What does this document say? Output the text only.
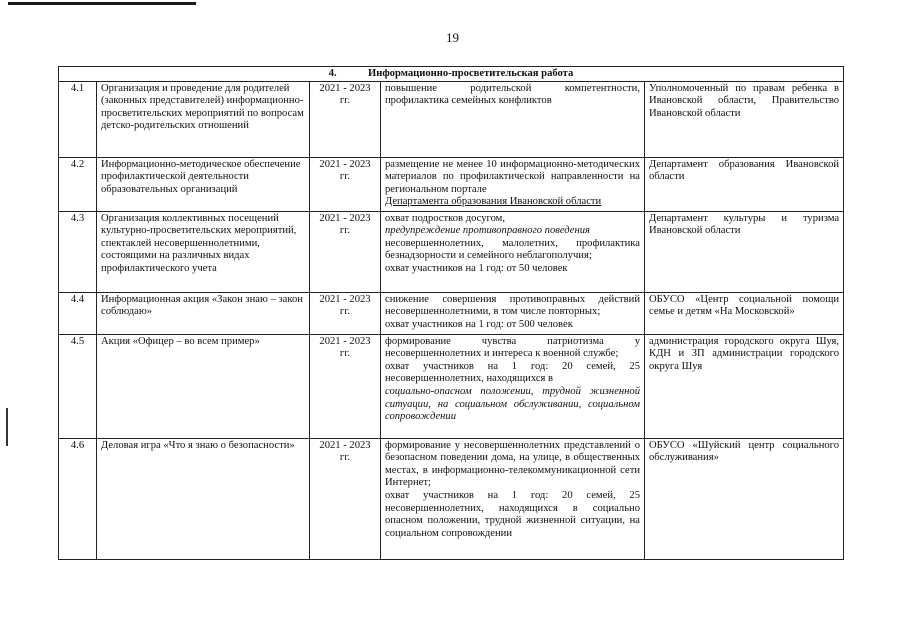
19
4. Информационно-просветительская работа				
4.1	Организация и проведение для родителей (законных представителей) информационно-просветительских мероприятий по вопросам детско-родительских отношений	2021 - 2023 гг.	повышение родительской компетентности, профилактика семейных конфликтов	Уполномоченный по правам ребенка в Ивановской области, Правительство Ивановской области
4.2	Информационно-методическое обеспечение профилактической деятельности образовательных организаций	2021 - 2023 гг.	размещение не менее 10 информационно-методических материалов по профилактической направленности на региональном портале
Департамента образования Ивановской области	Департамент образования Ивановской области
4.3	Организация коллективных посещений культурно-просветительских мероприятий, спектаклей несовершеннолетними, состоящими на различных видах профилактического учета	2021 - 2023 гг.	охват подростков досугом,
предупреждение противоправного поведения
несовершеннолетних, малолетних, профилактика безнадзорности и семейного неблагополучия;
охват участников на 1 год: от 50 человек	Департамент культуры и туризма Ивановской области
4.4	Информационная акция «Закон знаю – закон соблюдаю»	2021 - 2023 гг.	снижение совершения противоправных действий несовершеннолетними, в том числе повторных;
охват участников на 1 год: от 500 человек	ОБУСО «Центр социальной помощи семье и детям «На Московской»
4.5	Акция «Офицер – во всем пример»	2021 - 2023 гг.	формирование чувства патриотизма у несовершеннолетних и интереса к военной службе;
охват участников на 1 год: 20 семей, 25 несовершеннолетних, находящихся в
социально-опасном положении, трудной жизненной ситуации, на социальном обслуживании, социальном сопровождении	администрация городского округа Шуя, КДН и ЗП администрации городского округа Шуя
4.6	Деловая игра «Что я знаю о безопасности»	2021 - 2023 гг.	формирование у несовершеннолетних представлений о безопасном поведении дома, на улице, в общественных местах, в информационно-телекоммуникационной сети Интернет;
охват участников на 1 год: 20 семей, 25 несовершеннолетних, находящихся в социально опасном положении, трудной жизненной ситуации, на социальном сопровождении	ОБУСО «Шуйский центр социального обслуживания»
